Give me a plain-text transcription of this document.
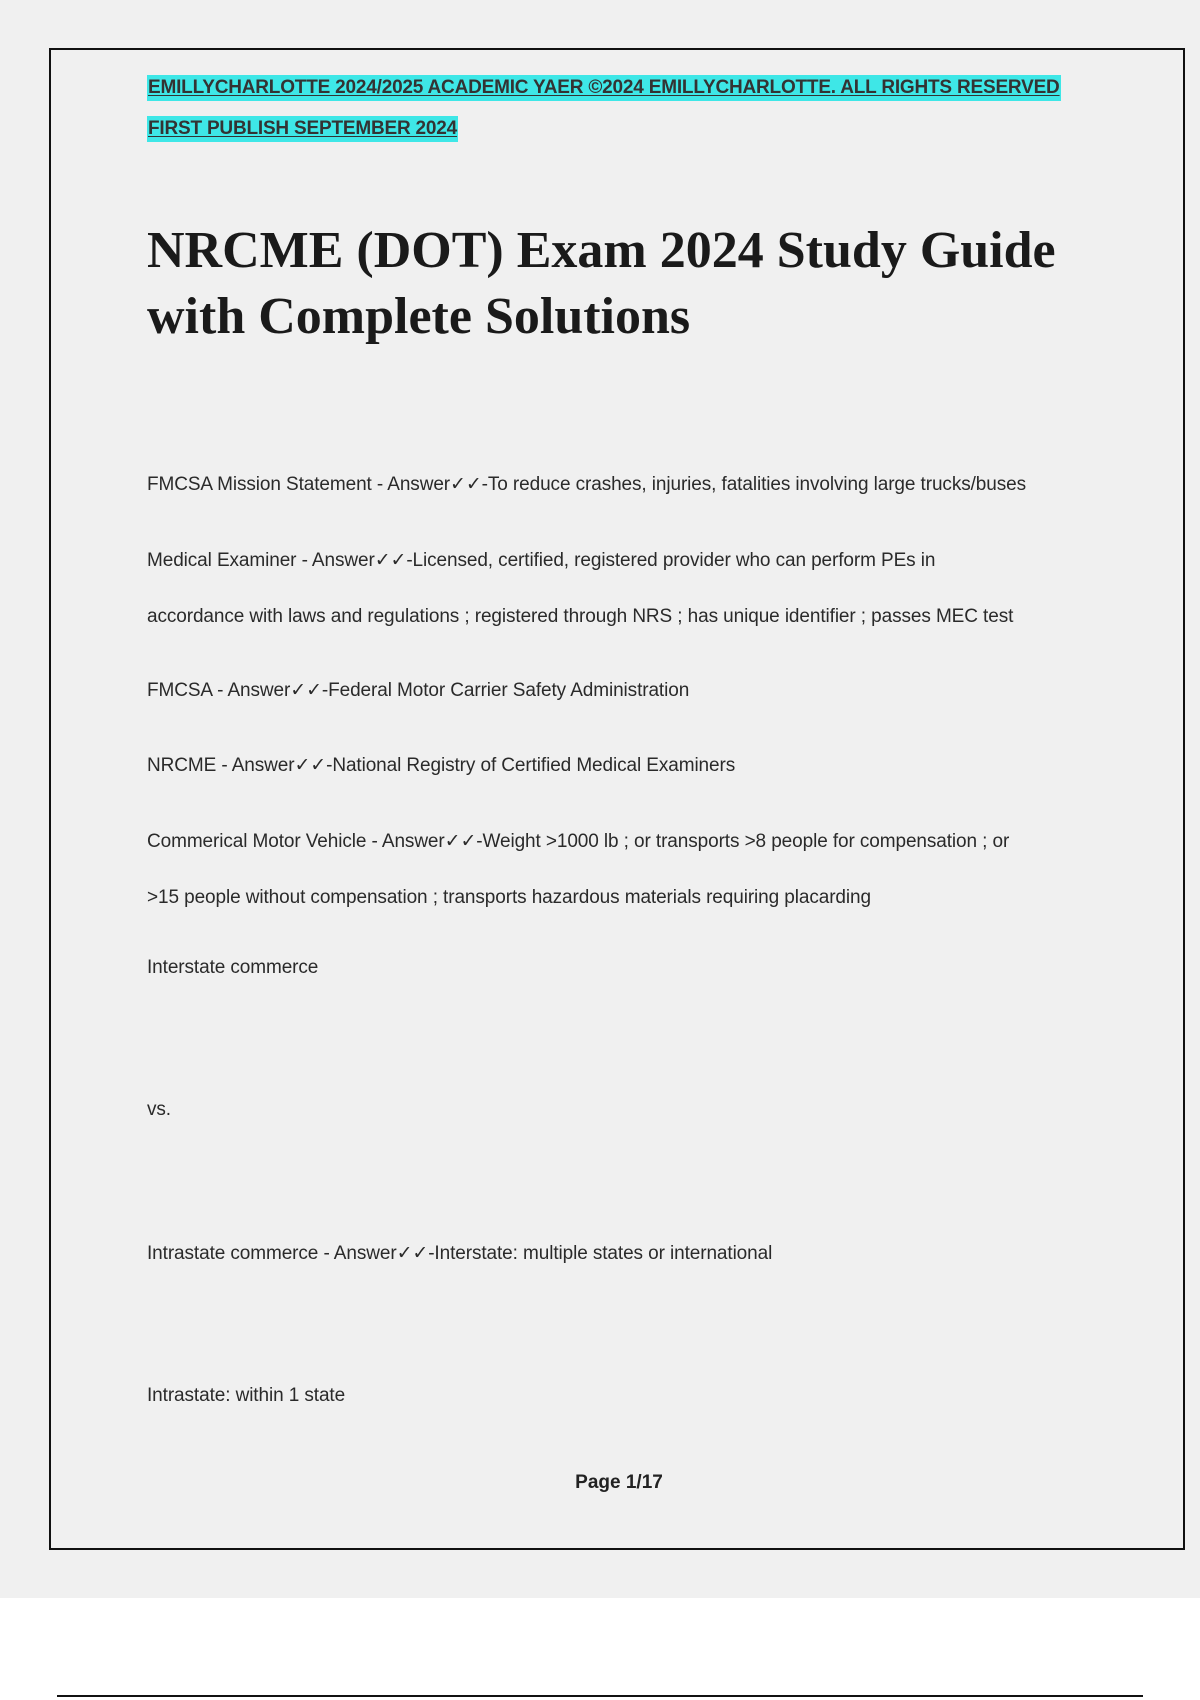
EMILLYCHARLOTTE 2024/2025 ACADEMIC YAER ©2024 EMILLYCHARLOTTE. ALL RIGHTS RESERVED
FIRST PUBLISH SEPTEMBER 2024
NRCME (DOT) Exam 2024 Study Guide
with Complete Solutions
FMCSA Mission Statement - Answer✓✓-To reduce crashes, injuries, fatalities involving large trucks/buses
Medical Examiner - Answer✓✓-Licensed, certified, registered provider who can perform PEs in
accordance with laws and regulations ; registered through NRS ; has unique identifier ; passes MEC test
FMCSA - Answer✓✓-Federal Motor Carrier Safety Administration
NRCME - Answer✓✓-National Registry of Certified Medical Examiners
Commerical Motor Vehicle - Answer✓✓-Weight >1000 lb ; or transports >8 people for compensation ; or
>15 people without compensation ; transports hazardous materials requiring placarding
Interstate commerce
vs.
Intrastate commerce - Answer✓✓-Interstate: multiple states or international
Intrastate: within 1 state
Page 1/17
